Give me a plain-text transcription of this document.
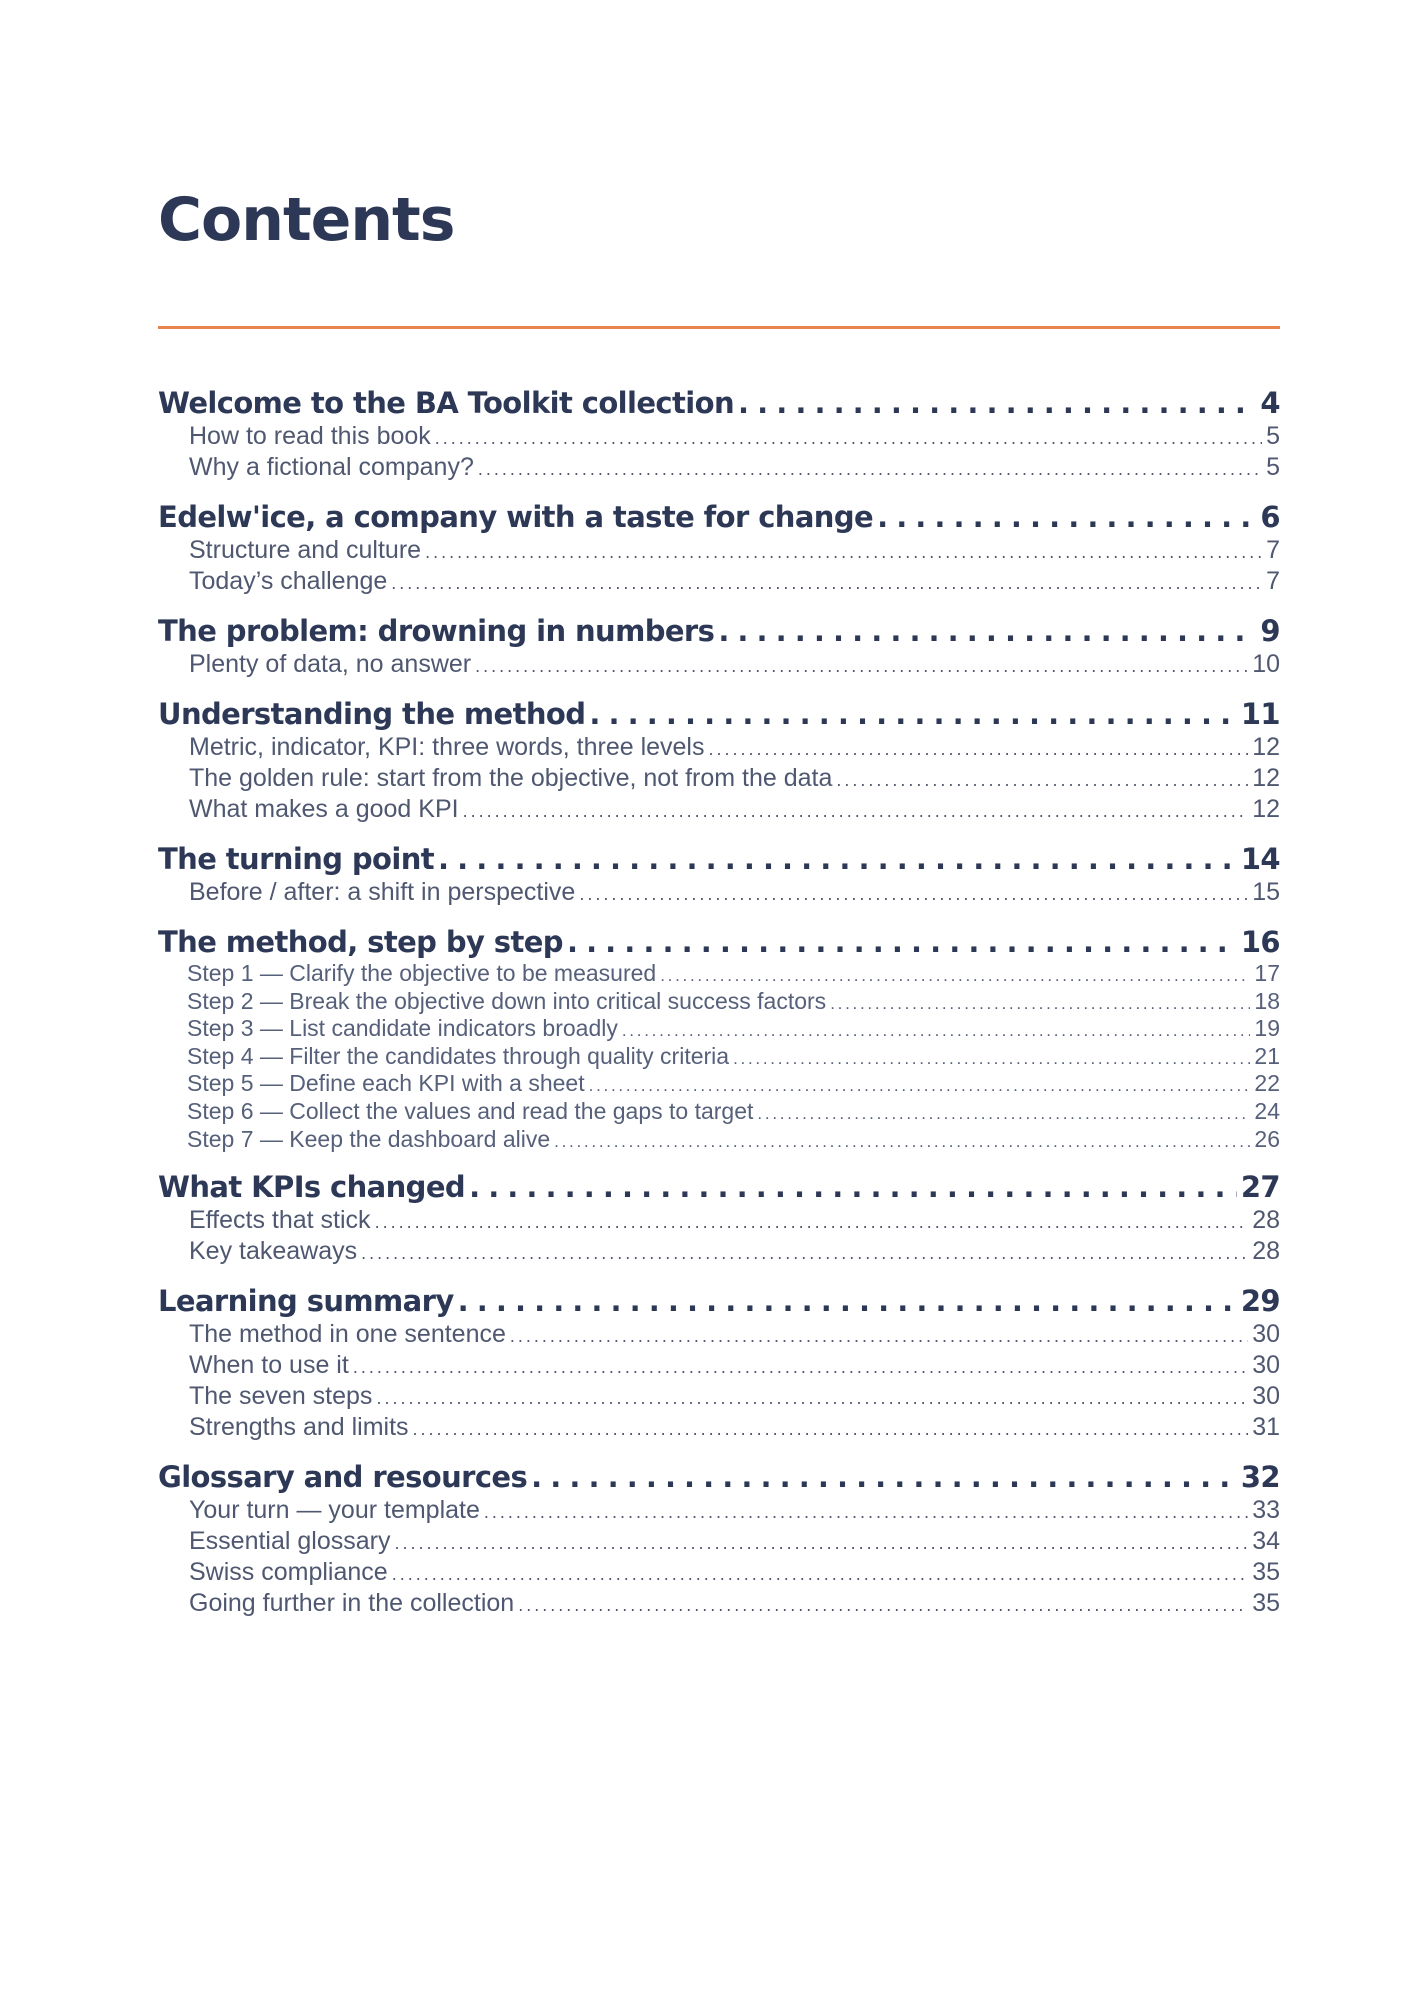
Contents
Welcome to the BA Toolkit collection . . .	4
How to read this book . . .	5
Why a fictional company? . . .	5
Edelw'ice, a company with a taste for change . . .	6
Structure and culture . . .	7
Today’s challenge . . .	7
The problem: drowning in numbers . . .	9
Plenty of data, no answer . . .	10
Understanding the method . . .	11
Metric, indicator, KPI: three words, three levels . . .	12
The golden rule: start from the objective, not from the data . . .	12
What makes a good KPI . . .	12
The turning point . . .	14
Before / after: a shift in perspective . . .	15
The method, step by step . . .	16
Step 1 — Clarify the objective to be measured . . .	17
Step 2 — Break the objective down into critical success factors . . .	18
Step 3 — List candidate indicators broadly . . .	19
Step 4 — Filter the candidates through quality criteria . . .	21
Step 5 — Define each KPI with a sheet . . .	22
Step 6 — Collect the values and read the gaps to target . . .	24
Step 7 — Keep the dashboard alive . . .	26
What KPIs changed . . .	27
Effects that stick . . .	28
Key takeaways . . .	28
Learning summary . . .	29
The method in one sentence . . .	30
When to use it . . .	30
The seven steps . . .	30
Strengths and limits . . .	31
Glossary and resources . . .	32
Your turn — your template . . .	33
Essential glossary . . .	34
Swiss compliance . . .	35
Going further in the collection . . .	35
